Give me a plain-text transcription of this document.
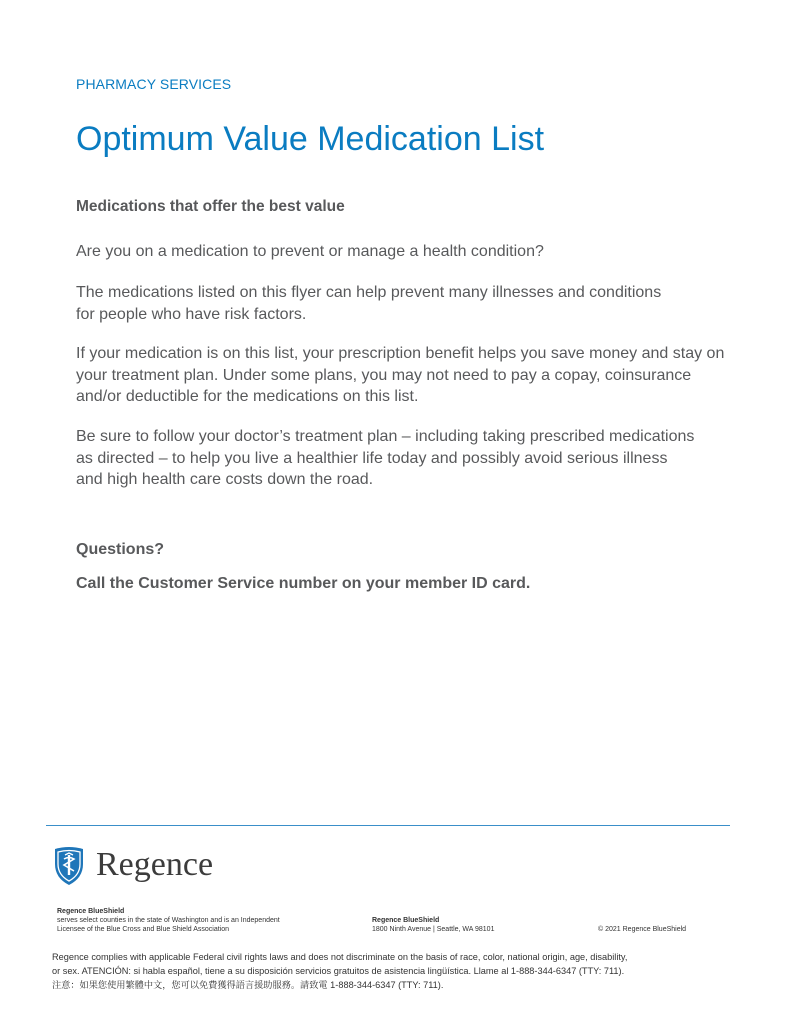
PHARMACY SERVICES
Optimum Value Medication List
Medications that offer the best value

Are you on a medication to prevent or manage a health condition?

The medications listed on this flyer can help prevent many illnesses and conditions for people who have risk factors.

If your medication is on this list, your prescription benefit helps you save money and stay on your treatment plan. Under some plans, you may not need to pay a copay, coinsurance and/or deductible for the medications on this list.

Be sure to follow your doctor’s treatment plan – including taking prescribed medications as directed – to help you live a healthier life today and possibly avoid serious illness and high health care costs down the road.

Questions?
Call the Customer Service number on your member ID card.
Regence
Regence BlueShield
serves select counties in the state of Washington and is an Independent
Licensee of the Blue Cross and Blue Shield Association
Regence BlueShield
1800 Ninth Avenue | Seattle, WA 98101	© 2021 Regence BlueShield
Regence complies with applicable Federal civil rights laws and does not discriminate on the basis of race, color, national origin, age, disability,
or sex. ATENCIÓN: si habla español, tiene a su disposición servicios gratuitos de asistencia lingüística. Llame al 1-888-344-6347 (TTY: 711).
注意：如果您使用繁體中文，您可以免費獲得語言援助服務。請致電 1-888-344-6347 (TTY: 711).
